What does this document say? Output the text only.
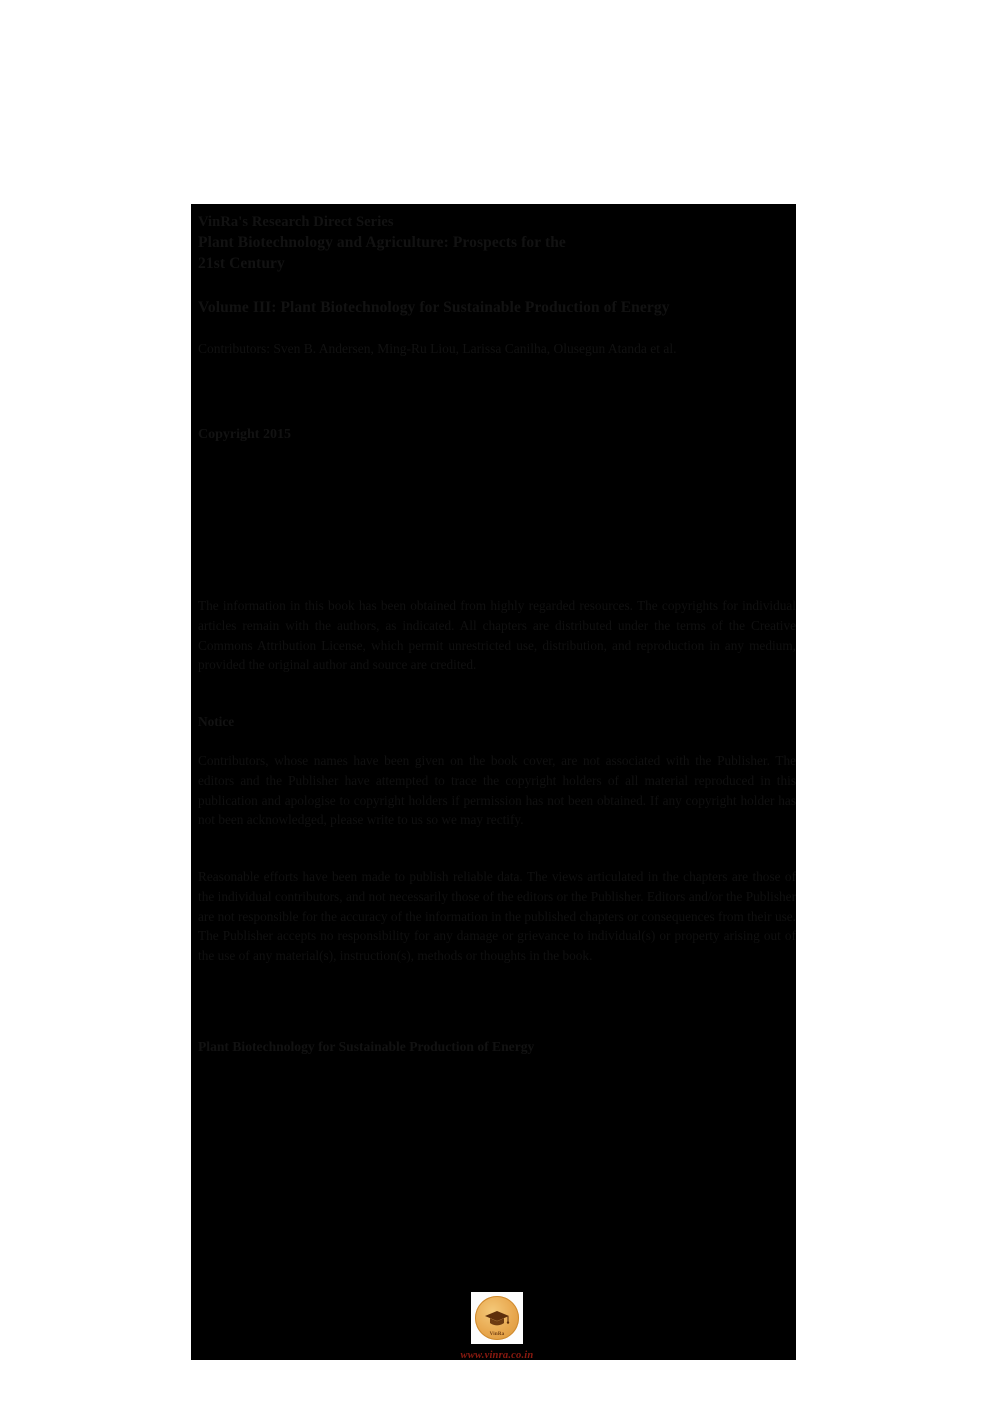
VinRa's Research Direct Series
Plant Biotechnology and Agriculture: Prospects for the
21st Century
Volume III: Plant Biotechnology for Sustainable Production of Energy
Contributors: Sven B. Andersen, Ming-Ru Liou, Larissa Canilha, Olusegun Atanda et al.
Copyright 2015
The information in this book has been obtained from highly regarded resources. The copyrights for individual articles remain with the authors, as indicated. All chapters are distributed under the terms of the Creative Commons Attribution License, which permit unrestricted use, distribution, and reproduction in any medium, provided the original author and source are credited.
Notice
Contributors, whose names have been given on the book cover, are not associated with the Publisher. The editors and the Publisher have attempted to trace the copyright holders of all material reproduced in this publication and apologise to copyright holders if permission has not been obtained. If any copyright holder has not been acknowledged, please write to us so we may rectify.
Reasonable efforts have been made to publish reliable data. The views articulated in the chapters are those of the individual contributors, and not necessarily those of the editors or the Publisher. Editors and/or the Publisher are not responsible for the accuracy of the information in the published chapters or consequences from their use. The Publisher accepts no responsibility for any damage or grievance to individual(s) or property arising out of the use of any material(s), instruction(s), methods or thoughts in the book.
Plant Biotechnology for Sustainable Production of Energy
VinRa
www.vinra.co.in
